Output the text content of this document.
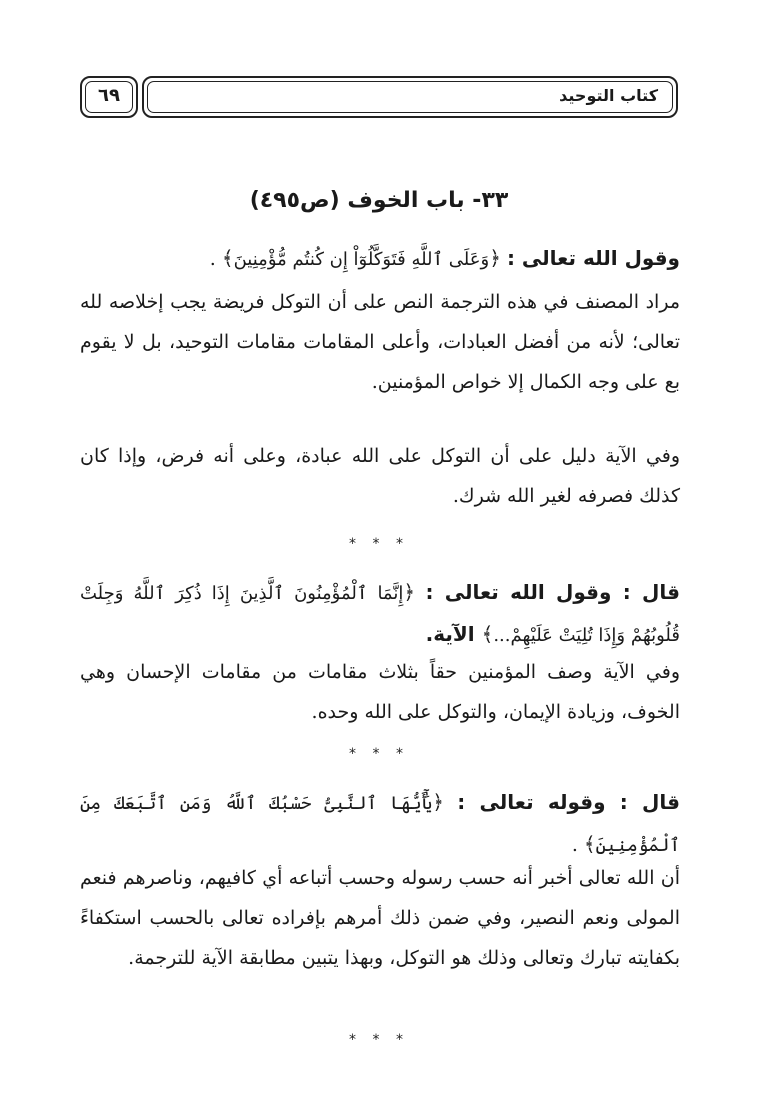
كتاب التوحيد
٦٩
٣٣- باب الخوف (ص٤٩٥)
وقول الله تعالى : ﴿وَعَلَى ٱللَّهِ فَتَوَكَّلُوٓاْ إِن كُنتُم مُّؤْمِنِينَ﴾ .
مراد المصنف في هذه الترجمة النص على أن التوكل فريضة يجب إخلاصه لله تعالى؛ لأنه من أفضل العبادات، وأعلى المقامات مقامات التوحيد، بل لا يقوم بع على وجه الكمال إلا خواص المؤمنين.
وفي الآية دليل على أن التوكل على الله عبادة، وعلى أنه فرض، وإذا كان كذلك فصرفه لغير الله شرك.
* * *
قال : وقول الله تعالى : ﴿إِنَّمَا ٱلْمُؤْمِنُونَ ٱلَّذِينَ إِذَا ذُكِرَ ٱللَّهُ وَجِلَتْ قُلُوبُهُمْ وَإِذَا تُلِيَتْ عَلَيْهِمْ...﴾ الآية.
وفي الآية وصف المؤمنين حقاً بثلاث مقامات من مقامات الإحسان وهي الخوف، وزيادة الإيمان، والتوكل على الله وحده.
* * *
قال : وقوله تعالى : ﴿يَٰٓأَيُّهَا ٱلنَّبِىُّ حَسْبُكَ ٱللَّهُ وَمَنِ ٱتَّبَعَكَ مِنَ ٱلْمُؤْمِنِينَ﴾ .
أن الله تعالى أخبر أنه حسب رسوله وحسب أتباعه أي كافيهم، وناصرهم فنعم المولى ونعم النصير، وفي ضمن ذلك أمرهم بإفراده تعالى بالحسب استكفاءً بكفايته تبارك وتعالى وذلك هو التوكل، وبهذا يتبين مطابقة الآية للترجمة.
* * *
